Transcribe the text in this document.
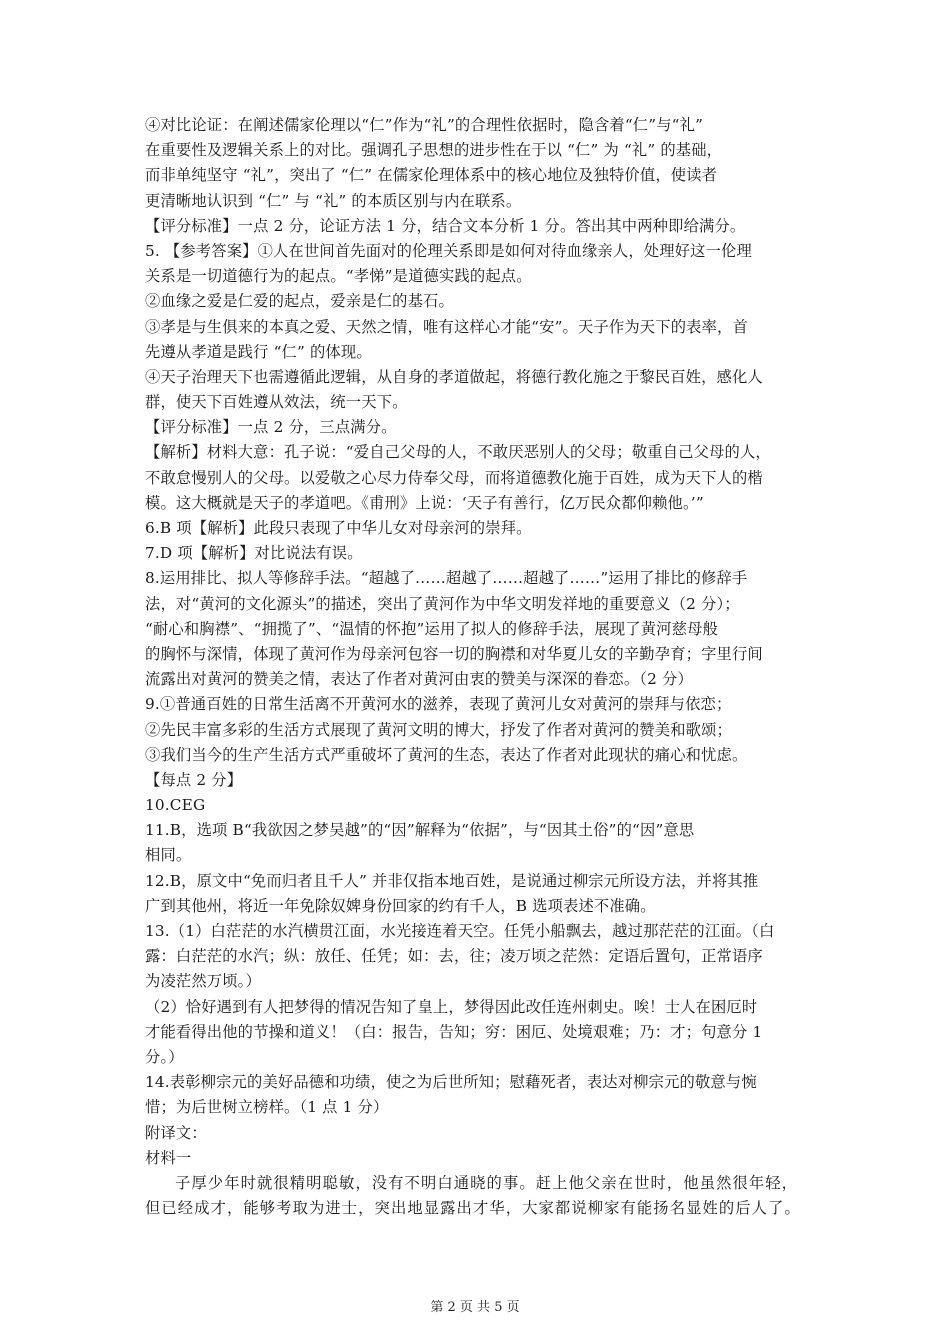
④对比论证：在阐述儒家伦理以“仁”作为“礼”的合理性依据时，隐含着“仁”与“礼”
在重要性及逻辑关系上的对比。强调孔子思想的进步性在于以 “仁” 为 “礼” 的基础，
而非单纯坚守 “礼”，突出了 “仁” 在儒家伦理体系中的核心地位及独特价值，使读者
更清晰地认识到 “仁” 与 “礼” 的本质区别与内在联系。
【评分标准】一点 2 分，论证方法 1 分，结合文本分析 1 分。答出其中两种即给满分。
5. 【参考答案】①人在世间首先面对的伦理关系即是如何对待血缘亲人，处理好这一伦理
关系是一切道德行为的起点。“孝悌”是道德实践的起点。
②血缘之爱是仁爱的起点，爱亲是仁的基石。
③孝是与生俱来的本真之爱、天然之情，唯有这样心才能“安”。天子作为天下的表率，首
先遵从孝道是践行 “仁” 的体现。
④天子治理天下也需遵循此逻辑，从自身的孝道做起，将德行教化施之于黎民百姓，感化人
群，使天下百姓遵从效法，统一天下。
【评分标准】一点 2 分，三点满分。
【解析】材料大意：孔子说：“爱自己父母的人，不敢厌恶别人的父母；敬重自己父母的人，
不敢怠慢别人的父母。以爱敬之心尽力侍奉父母，而将道德教化施于百姓，成为天下人的楷
模。这大概就是天子的孝道吧。《甫刑》上说：‘天子有善行，亿万民众都仰赖他。’”
6.B 项【解析】此段只表现了中华儿女对母亲河的崇拜。
7.D 项【解析】对比说法有误。
8.运用排比、拟人等修辞手法。“超越了……超越了……超越了……”运用了排比的修辞手
法，对“黄河的文化源头”的描述，突出了黄河作为中华文明发祥地的重要意义（2 分）；
“耐心和胸襟”、“拥揽了”、“温情的怀抱”运用了拟人的修辞手法，展现了黄河慈母般
的胸怀与深情，体现了黄河作为母亲河包容一切的胸襟和对华夏儿女的辛勤孕育；字里行间
流露出对黄河的赞美之情，表达了作者对黄河由衷的赞美与深深的眷恋。（2 分）
9.①普通百姓的日常生活离不开黄河水的滋养，表现了黄河儿女对黄河的崇拜与依恋；
②先民丰富多彩的生活方式展现了黄河文明的博大，抒发了作者对黄河的赞美和歌颂；
③我们当今的生产生活方式严重破坏了黄河的生态，表达了作者对此现状的痛心和忧虑。
【每点 2 分】
10.CEG
11.B，选项 B“我欲因之梦吴越”的“因”解释为“依据”，与“因其土俗”的“因”意思
相同。
12.B，原文中“免而归者且千人” 并非仅指本地百姓，是说通过柳宗元所设方法，并将其推
广到其他州，将近一年免除奴婢身份回家的约有千人，B 选项表述不准确。
13.（1）白茫茫的水汽横贯江面，水光接连着天空。任凭小船飘去，越过那茫茫的江面。（白
露：白茫茫的水汽；纵：放任、任凭；如：去，往；凌万顷之茫然：定语后置句，正常语序
为凌茫然万顷。）
（2）恰好遇到有人把梦得的情况告知了皇上，梦得因此改任连州刺史。唉！士人在困厄时
才能看得出他的节操和道义！（白：报告，告知；穷：困厄、处境艰难；乃：才；句意分 1
分。）
14.表彰柳宗元的美好品德和功绩，使之为后世所知；慰藉死者，表达对柳宗元的敬意与惋
惜；为后世树立榜样。（1 点 1 分）
附译文：
材料一
子厚少年时就很精明聪敏，没有不明白通晓的事。赶上他父亲在世时，他虽然很年轻，
但已经成才，能够考取为进士，突出地显露出才华，大家都说柳家有能扬名显姓的后人了。
第 2 页 共 5 页
